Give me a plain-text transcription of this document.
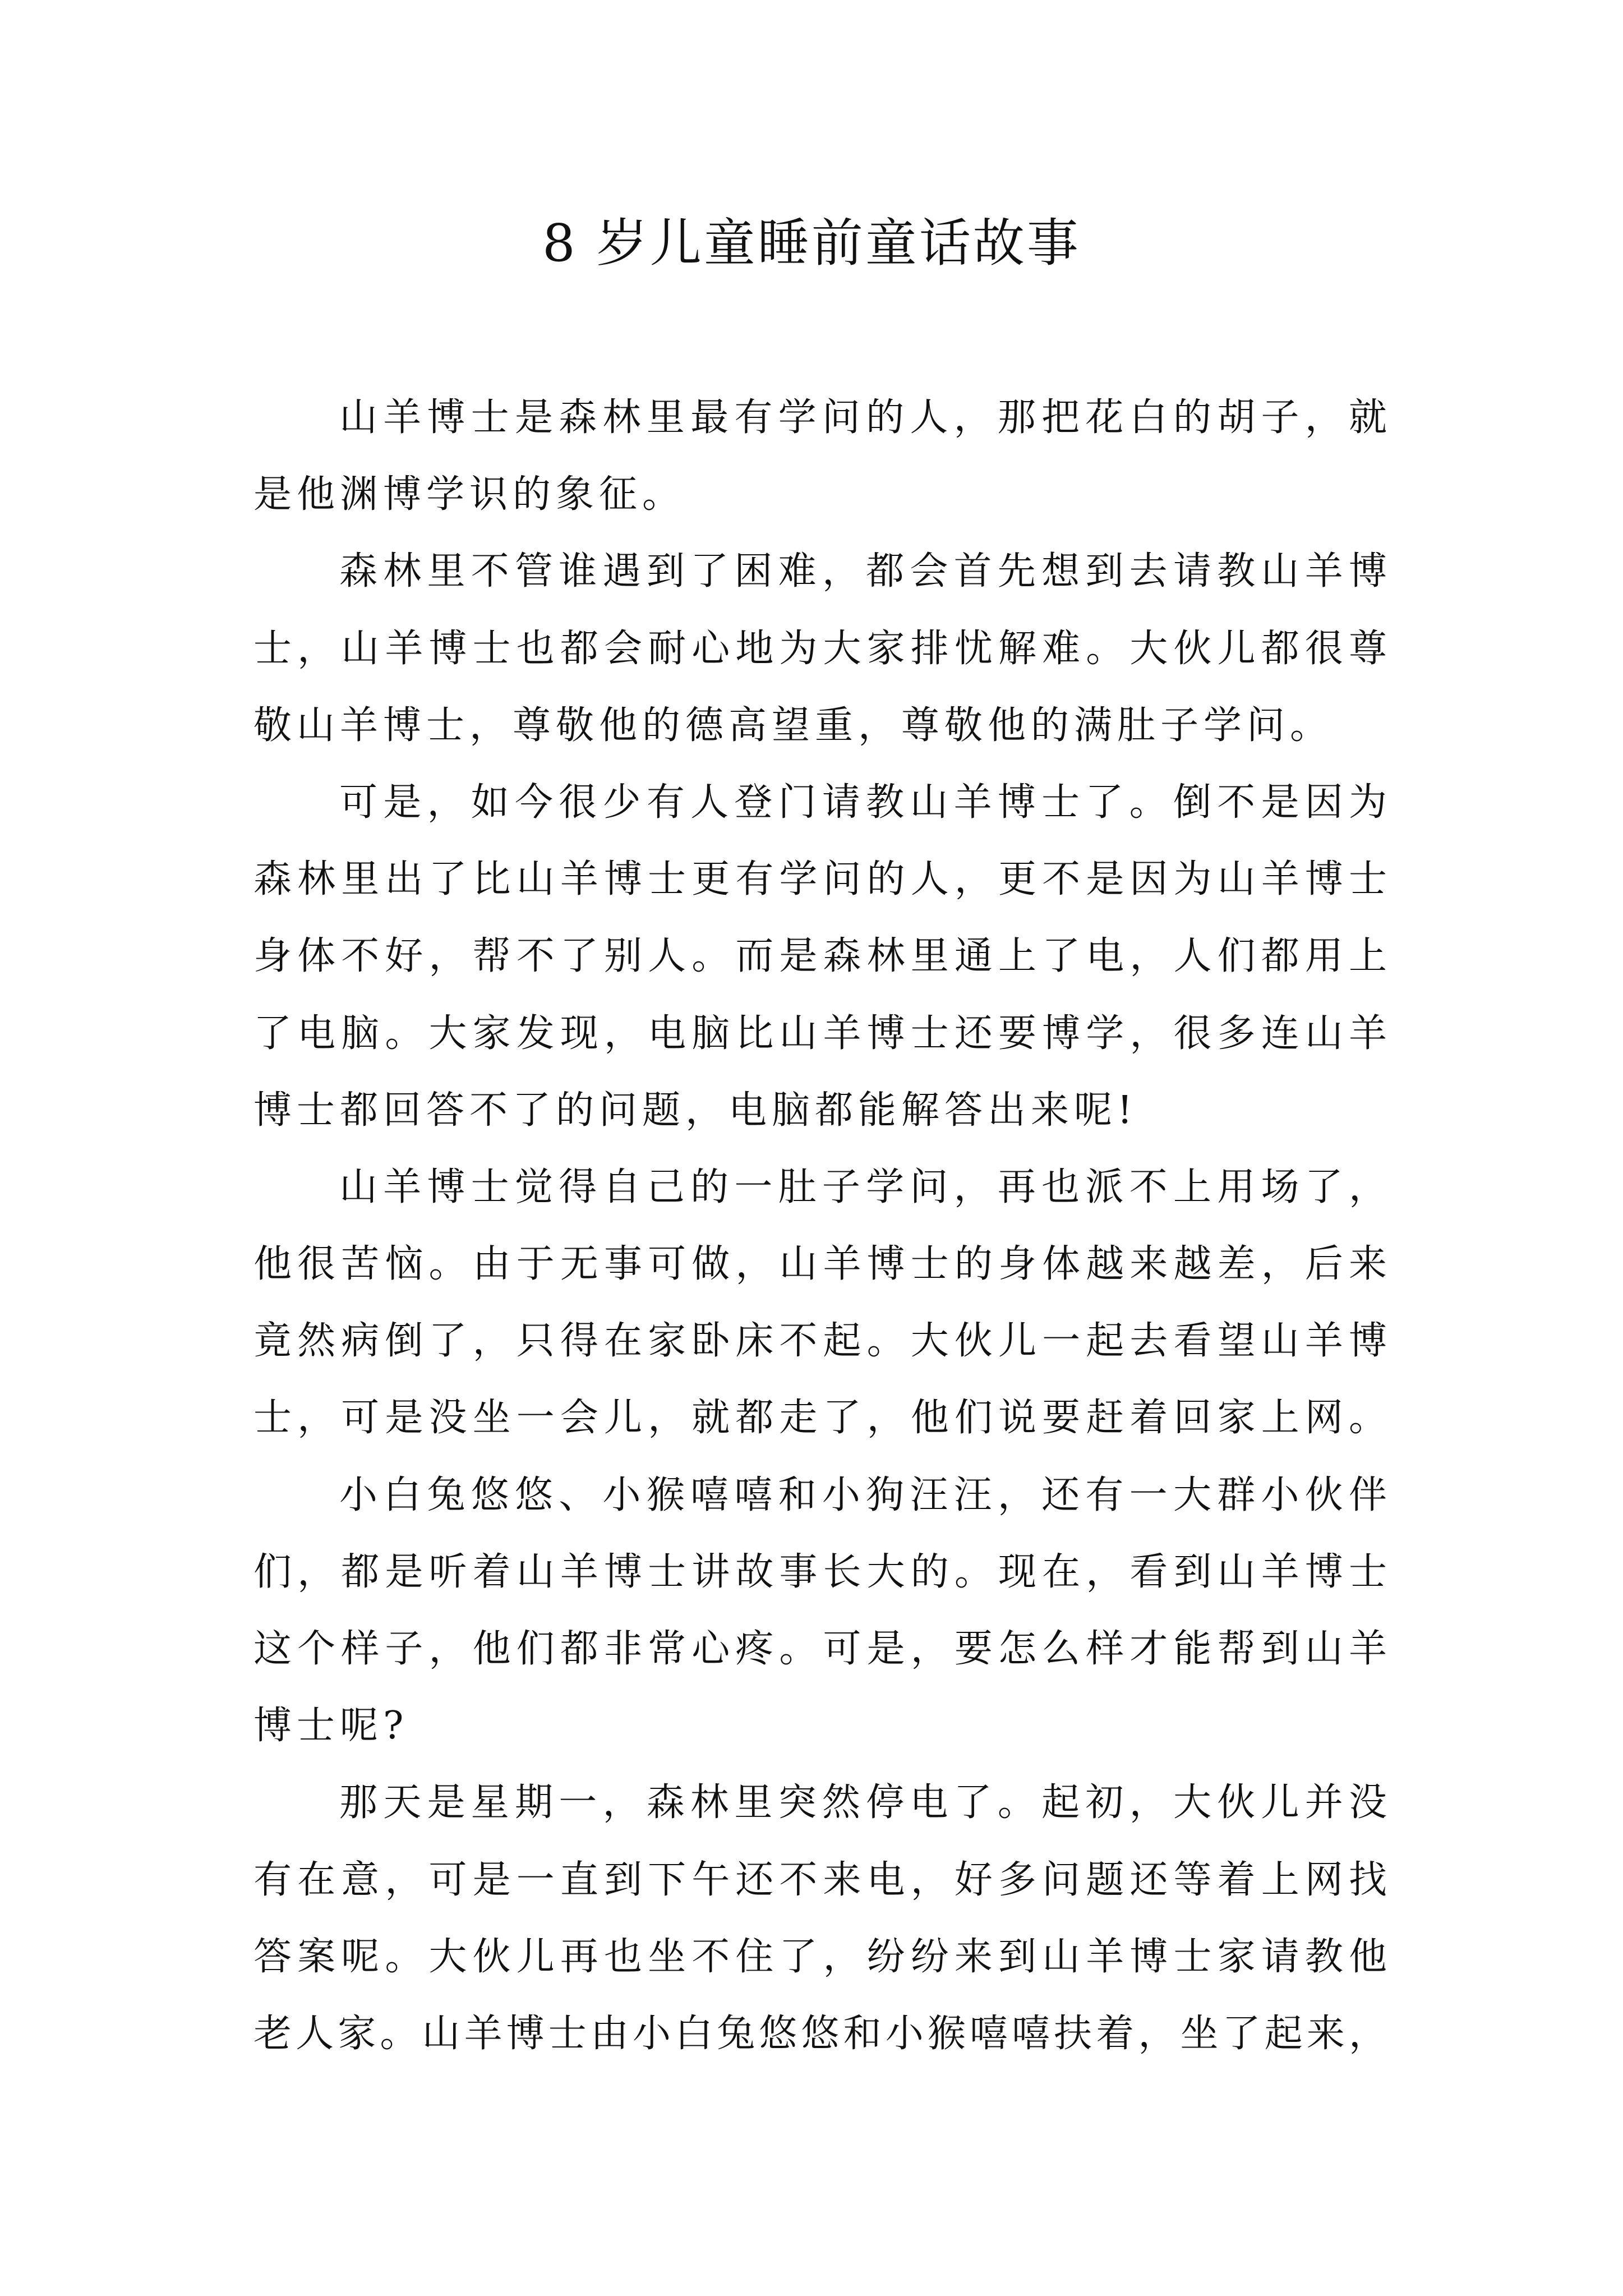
8 岁儿童睡前童话故事
山羊博士是森林里最有学问的人，那把花白的胡子，就
是他渊博学识的象征。
森林里不管谁遇到了困难，都会首先想到去请教山羊博
士，山羊博士也都会耐心地为大家排忧解难。大伙儿都很尊
敬山羊博士，尊敬他的德高望重，尊敬他的满肚子学问。
可是，如今很少有人登门请教山羊博士了。倒不是因为
森林里出了比山羊博士更有学问的人，更不是因为山羊博士
身体不好，帮不了别人。而是森林里通上了电，人们都用上
了电脑。大家发现，电脑比山羊博士还要博学，很多连山羊
博士都回答不了的问题，电脑都能解答出来呢!
山羊博士觉得自己的一肚子学问，再也派不上用场了，
他很苦恼。由于无事可做，山羊博士的身体越来越差，后来
竟然病倒了，只得在家卧床不起。大伙儿一起去看望山羊博
士，可是没坐一会儿，就都走了，他们说要赶着回家上网。
小白兔悠悠、小猴嘻嘻和小狗汪汪，还有一大群小伙伴
们，都是听着山羊博士讲故事长大的。现在，看到山羊博士
这个样子，他们都非常心疼。可是，要怎么样才能帮到山羊
博士呢?
那天是星期一，森林里突然停电了。起初，大伙儿并没
有在意，可是一直到下午还不来电，好多问题还等着上网找
答案呢。大伙儿再也坐不住了，纷纷来到山羊博士家请教他
老人家。山羊博士由小白兔悠悠和小猴嘻嘻扶着，坐了起来，
